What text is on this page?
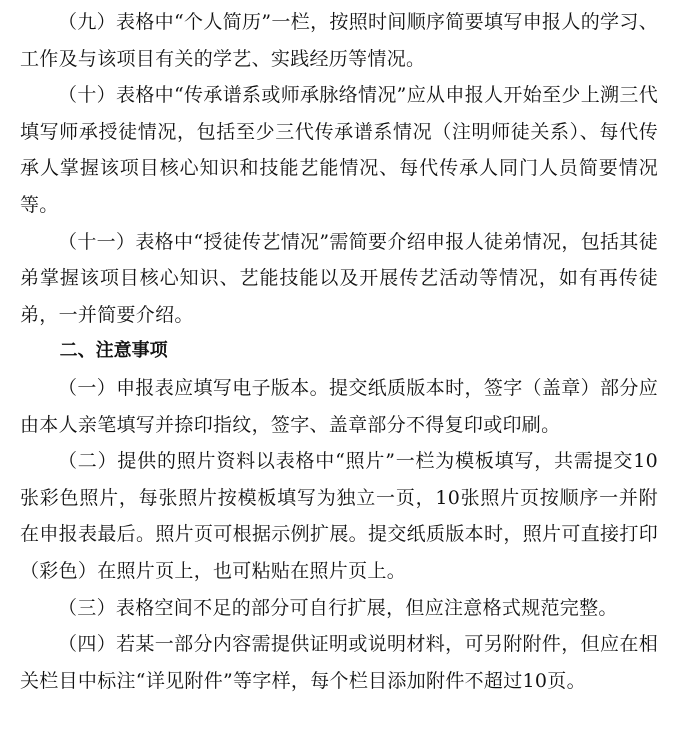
（九）表格中“个人简历”一栏，按照时间顺序简要填写申报人的学习、工作及与该项目有关的学艺、实践经历等情况。

（十）表格中“传承谱系或师承脉络情况”应从申报人开始至少上溯三代填写师承授徒情况，包括至少三代传承谱系情况（注明师徒关系）、每代传承人掌握该项目核心知识和技能艺能情况、每代传承人同门人员简要情况等。

（十一）表格中“授徒传艺情况”需简要介绍申报人徒弟情况，包括其徒弟掌握该项目核心知识、艺能技能以及开展传艺活动等情况，如有再传徒弟，一并简要介绍。

二、注意事项

（一）申报表应填写电子版本。提交纸质版本时，签字（盖章）部分应由本人亲笔填写并捺印指纹，签字、盖章部分不得复印或印刷。

（二）提供的照片资料以表格中“照片”一栏为模板填写，共需提交10张彩色照片，每张照片按模板填写为独立一页，10张照片页按顺序一并附在申报表最后。照片页可根据示例扩展。提交纸质版本时，照片可直接打印（彩色）在照片页上，也可粘贴在照片页上。

（三）表格空间不足的部分可自行扩展，但应注意格式规范完整。

（四）若某一部分内容需提供证明或说明材料，可另附附件，但应在相关栏目中标注“详见附件”等字样，每个栏目添加附件不超过10页。
